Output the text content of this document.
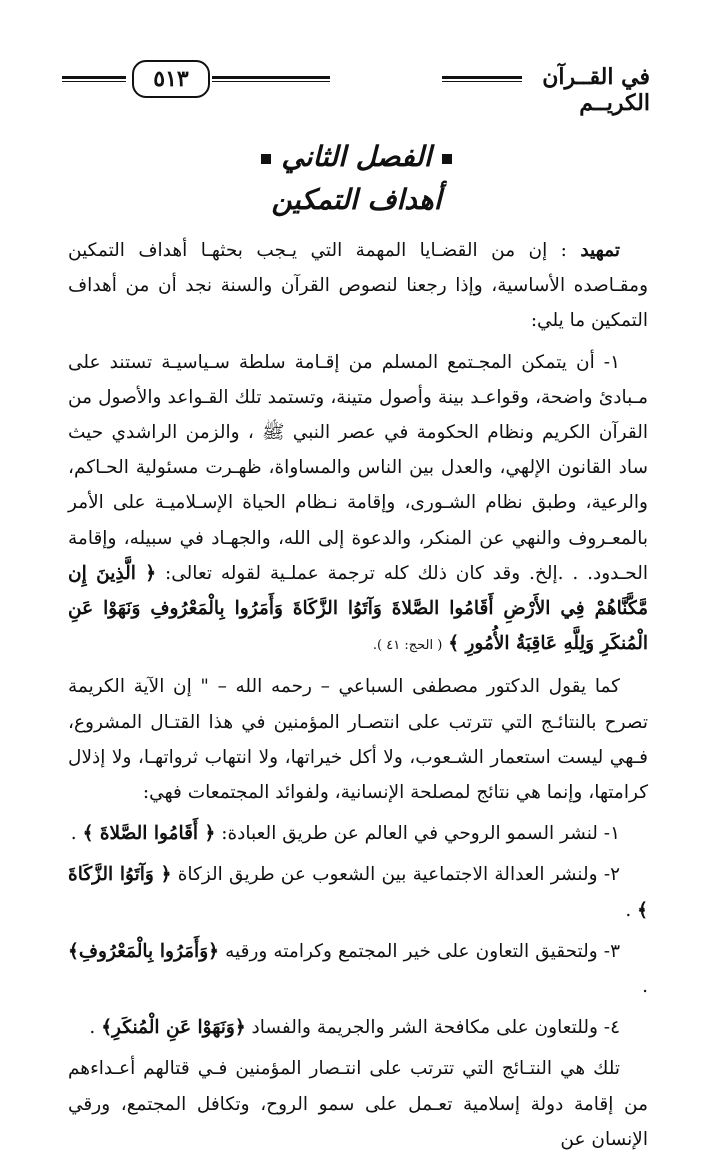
في القــرآن الكريــم
٥١٣
الفصل الثاني
أهداف التمكين

تمهيد : إن من القضـايا المهمة التي يـجب بحثهـا أهداف التمكين ومقـاصده الأساسية، وإذا رجعنا لنصوص القرآن والسنة نجد أن من أهداف التمكين ما يلي:

١- أن يتمكن المجـتمع المسلم من إقـامة سلطة سـياسيـة تستند على مـبادئ واضحة، وقواعـد بينة وأصول متينة، وتستمد تلك القـواعد والأصول من القرآن الكريم ونظام الحكومة في عصر النبي ﷺ ، والزمن الراشدي حيث ساد القانون الإلهي، والعدل بين الناس والمساواة، ظهـرت مسئولية الحـاكم، والرعية، وطبق نظام الشـورى، وإقامة نـظام الحياة الإسـلاميـة على الأمر بالمعـروف والنهي عن المنكر، والدعوة إلى الله، والجهـاد في سبيله، وإقامة الحـدود. . .إلخ. وقد كان ذلك كله ترجمة عملـية لقوله تعالى: ﴿ الَّذِينَ إِن مَّكَّنَّاهُمْ فِي الأَرْضِ أَقَامُوا الصَّلاةَ وَآتَوُا الزَّكَاةَ وَأَمَرُوا بِالْمَعْرُوفِ وَنَهَوْا عَنِ الْمُنكَرِ وَلِلَّهِ عَاقِبَةُ الأُمُورِ ﴾ ( الحج: ٤١ ).

كما يقول الدكتور مصطفى السباعي – رحمه الله – " إن الآية الكريمة تصرح بالنتائـج التي تترتب على انتصـار المؤمنين في هذا القتـال المشروع، فـهي ليست استعمار الشـعوب، ولا أكل خيراتها، ولا انتهاب ثرواتهـا، ولا إذلال كرامتها، وإنما هي نتائج لمصلحة الإنسانية، ولفوائد المجتمعات فهي:

١- لنشر السمو الروحي في العالم عن طريق العبادة: ﴿ أَقَامُوا الصَّلاةَ ﴾ .

٢- ولنشر العدالة الاجتماعية بين الشعوب عن طريق الزكاة ﴿ وَآتَوُا الزَّكَاةَ ﴾ .

٣- ولتحقيق التعاون على خير المجتمع وكرامته ورقيه ﴿وَأَمَرُوا بِالْمَعْرُوفِ﴾ .

٤- وللتعاون على مكافحة الشر والجريمة والفساد ﴿وَنَهَوْا عَنِ الْمُنكَرِ﴾ .

تلك هي النتـائج التي تترتب على انتـصار المؤمنين فـي قتالهم أعـداءهم من إقامة دولة إسلامية تعـمل على سمو الروح، وتكافل المجتمع، ورقي الإنسان عن
